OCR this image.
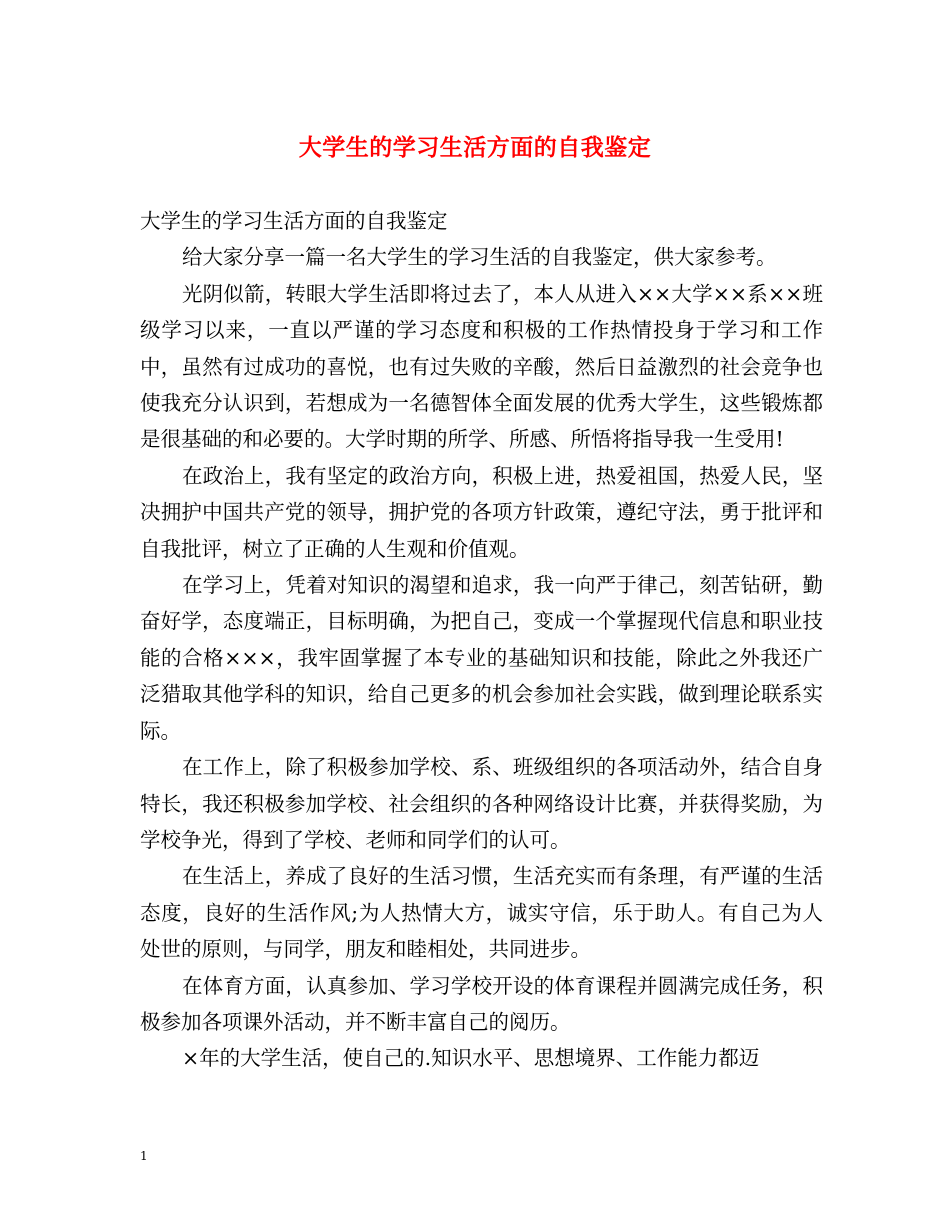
大学生的学习生活方面的自我鉴定

大学生的学习生活方面的自我鉴定

给大家分享一篇一名大学生的学习生活的自我鉴定，供大家参考。

光阴似箭，转眼大学生活即将过去了，本人从进入××大学××系××班级学习以来，一直以严谨的学习态度和积极的工作热情投身于学习和工作中，虽然有过成功的喜悦，也有过失败的辛酸，然后日益激烈的社会竞争也使我充分认识到，若想成为一名德智体全面发展的优秀大学生，这些锻炼都是很基础的和必要的。大学时期的所学、所感、所悟将指导我一生受用!

在政治上，我有坚定的政治方向，积极上进，热爱祖国，热爱人民，坚决拥护中国共产党的领导，拥护党的各项方针政策，遵纪守法，勇于批评和自我批评，树立了正确的人生观和价值观。

在学习上，凭着对知识的渴望和追求，我一向严于律己，刻苦钻研，勤奋好学，态度端正，目标明确，为把自己，变成一个掌握现代信息和职业技能的合格×××，我牢固掌握了本专业的基础知识和技能，除此之外我还广泛猎取其他学科的知识，给自己更多的机会参加社会实践，做到理论联系实际。

在工作上，除了积极参加学校、系、班级组织的各项活动外，结合自身特长，我还积极参加学校、社会组织的各种网络设计比赛，并获得奖励，为学校争光，得到了学校、老师和同学们的认可。

在生活上，养成了良好的生活习惯，生活充实而有条理，有严谨的生活态度，良好的生活作风;为人热情大方，诚实守信，乐于助人。有自己为人处世的原则，与同学，朋友和睦相处，共同进步。

在体育方面，认真参加、学习学校开设的体育课程并圆满完成任务，积极参加各项课外活动，并不断丰富自己的阅历。

×年的大学生活，使自己的.知识水平、思想境界、工作能力都迈

1
